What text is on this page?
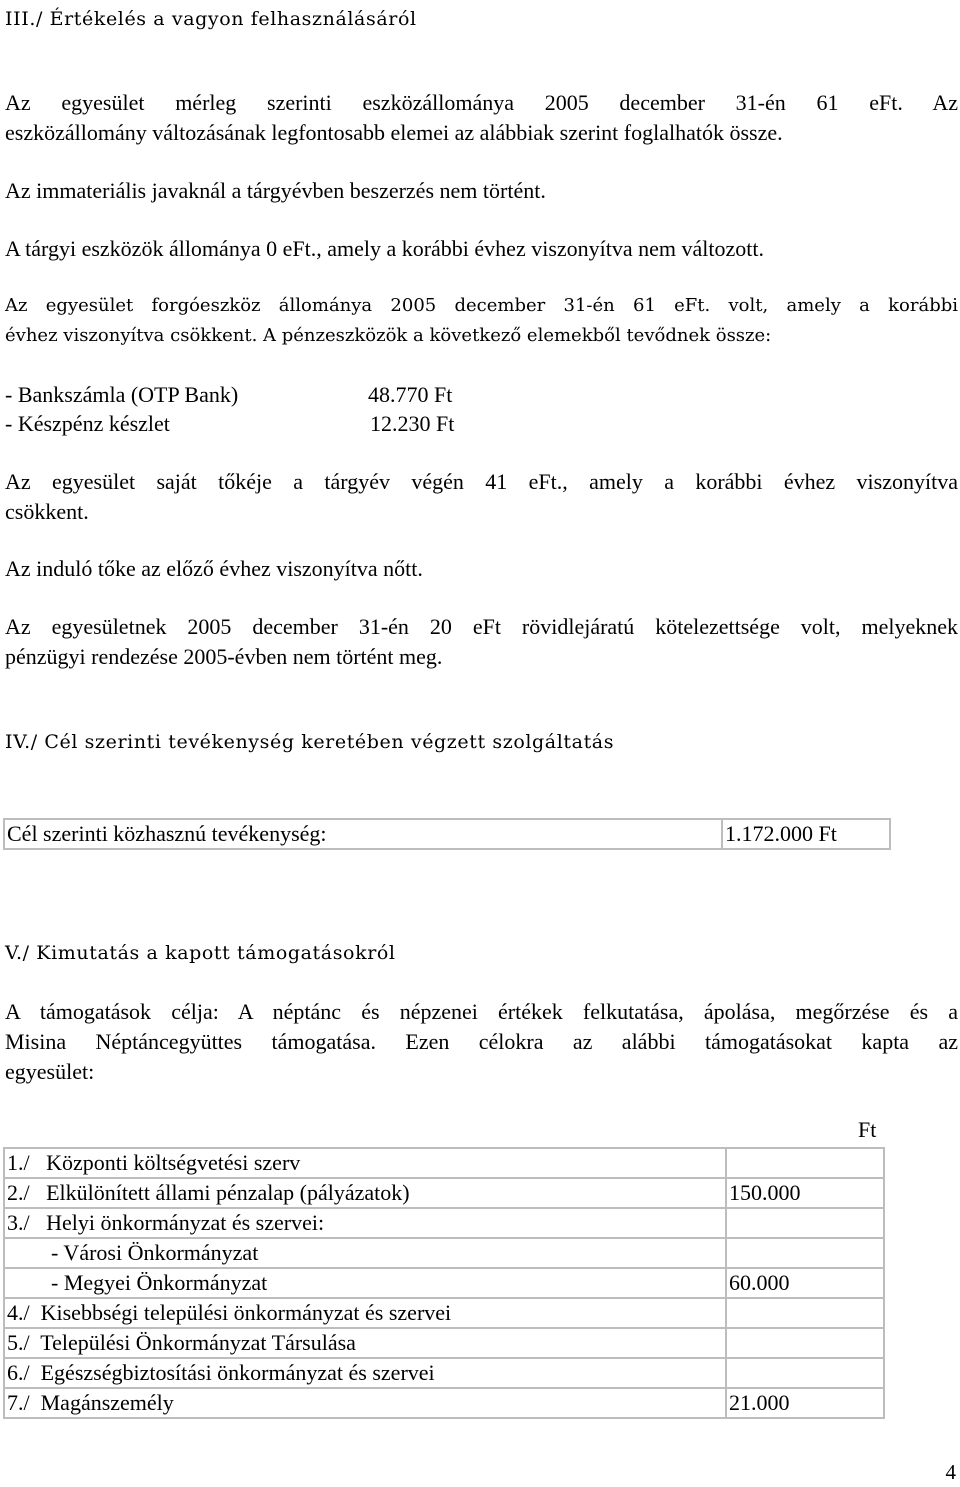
III./ Értékelés a vagyon felhasználásáról
Az egyesület mérleg szerinti eszközállománya 2005 december 31-én 61 eFt. Az
eszközállomány változásának legfontosabb elemei az alábbiak szerint foglalhatók össze.
Az immateriális javaknál a tárgyévben beszerzés nem történt.
A tárgyi eszközök állománya 0 eFt., amely a korábbi évhez viszonyítva nem változott.
Az egyesület forgóeszköz állománya 2005 december 31-én 61 eFt. volt, amely a korábbi
évhez viszonyítva csökkent. A pénzeszközök a következő elemekből tevődnek össze:
- Bankszámla (OTP Bank)	48.770 Ft
- Készpénz készlet	12.230 Ft
Az egyesület saját tőkéje a tárgyév végén 41 eFt., amely a korábbi évhez viszonyítva
csökkent.
Az induló tőke az előző évhez viszonyítva nőtt.
Az egyesületnek 2005 december 31-én 20 eFt rövidlejáratú kötelezettsége volt, melyeknek
pénzügyi rendezése 2005-évben nem történt meg.
IV./ Cél szerinti tevékenység keretében végzett szolgáltatás
Cél szerinti közhasznú tevékenység:	1.172.000 Ft
V./ Kimutatás a kapott támogatásokról
A támogatások célja: A néptánc és népzenei értékek felkutatása, ápolása, megőrzése és a
Misina Néptáncegyüttes támogatása. Ezen célokra az alábbi támogatásokat kapta az
egyesület:
Ft
1./   Központi költségvetési szerv	
2./   Elkülönített állami pénzalap (pályázatok)	150.000
3./   Helyi önkormányzat és szervei:	
- Városi Önkormányzat	
- Megyei Önkormányzat	60.000
4./  Kisebbségi települési önkormányzat és szervei	
5./  Települési Önkormányzat Társulása	
6./  Egészségbiztosítási önkormányzat és szervei	
7./  Magánszemély	21.000
4
